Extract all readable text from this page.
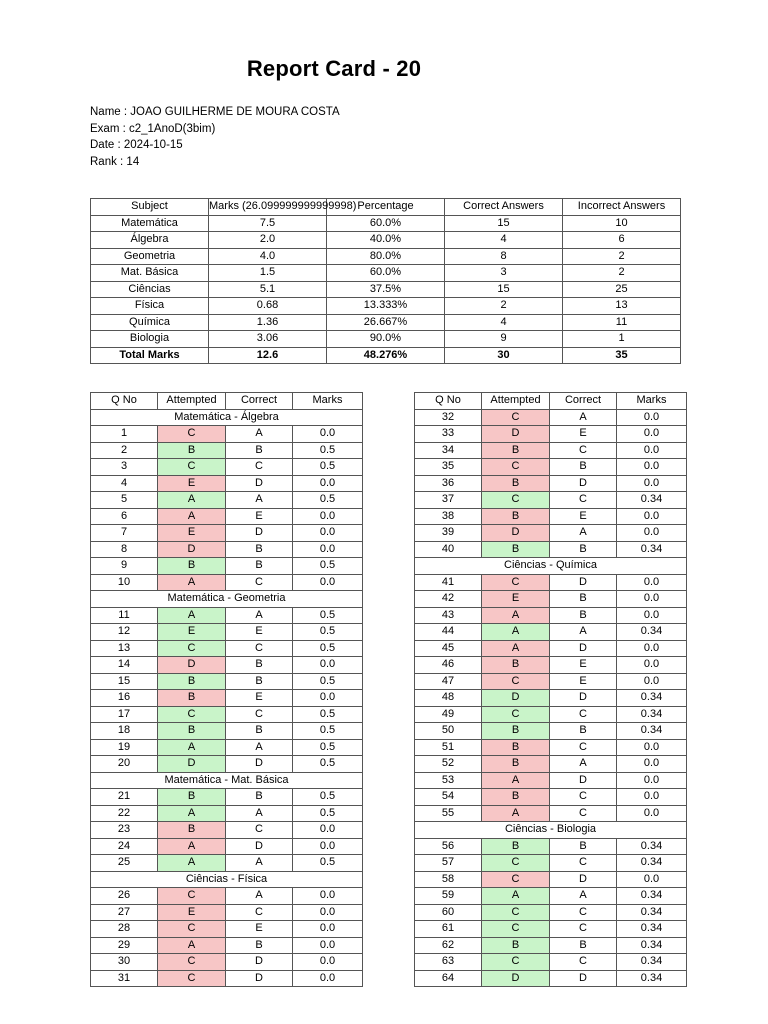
Report Card - 20
Name : JOAO GUILHERME DE MOURA COSTA
Exam : c2_1AnoD(3bim)
Date : 2024-10-15
Rank : 14
Subject	Marks (26.099999999999998)	Percentage	Correct Answers	Incorrect Answers
Matemática	7.5	60.0%	15	10
Álgebra	2.0	40.0%	4	6
Geometria	4.0	80.0%	8	2
Mat. Básica	1.5	60.0%	3	2
Ciências	5.1	37.5%	15	25
Física	0.68	13.333%	2	13
Química	1.36	26.667%	4	11
Biologia	3.06	90.0%	9	1
Total Marks	12.6	48.276%	30	35
Q No	Attempted	Correct	Marks
Matemática - Álgebra			
1	C	A	0.0
2	B	B	0.5
3	C	C	0.5
4	E	D	0.0
5	A	A	0.5
6	A	E	0.0
7	E	D	0.0
8	D	B	0.0
9	B	B	0.5
10	A	C	0.0
Matemática - Geometria			
11	A	A	0.5
12	E	E	0.5
13	C	C	0.5
14	D	B	0.0
15	B	B	0.5
16	B	E	0.0
17	C	C	0.5
18	B	B	0.5
19	A	A	0.5
20	D	D	0.5
Matemática - Mat. Básica			
21	B	B	0.5
22	A	A	0.5
23	B	C	0.0
24	A	D	0.0
25	A	A	0.5
Ciências - Física			
26	C	A	0.0
27	E	C	0.0
28	C	E	0.0
29	A	B	0.0
30	C	D	0.0
31	C	D	0.0
Q No	Attempted	Correct	Marks
32	C	A	0.0
33	D	E	0.0
34	B	C	0.0
35	C	B	0.0
36	B	D	0.0
37	C	C	0.34
38	B	E	0.0
39	D	A	0.0
40	B	B	0.34
Ciências - Química			
41	C	D	0.0
42	E	B	0.0
43	A	B	0.0
44	A	A	0.34
45	A	D	0.0
46	B	E	0.0
47	C	E	0.0
48	D	D	0.34
49	C	C	0.34
50	B	B	0.34
51	B	C	0.0
52	B	A	0.0
53	A	D	0.0
54	B	C	0.0
55	A	C	0.0
Ciências - Biologia			
56	B	B	0.34
57	C	C	0.34
58	C	D	0.0
59	A	A	0.34
60	C	C	0.34
61	C	C	0.34
62	B	B	0.34
63	C	C	0.34
64	D	D	0.34
